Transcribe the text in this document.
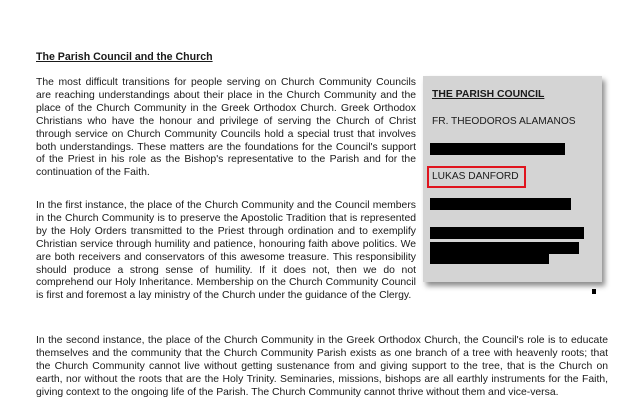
The Parish Council and the Church

The most difficult transitions for people serving on Church Community Councils are reaching understandings about their place in the Church Community and the place of the Church Community in the Greek Orthodox Church. Greek Orthodox Christians who have the honour and privilege of serving the Church of Christ through service on Church Community Councils hold a special trust that involves both understandings. These matters are the foundations for the Council's support of the Priest in his role as the Bishop's representative to the Parish and for the continuation of the Faith.

In the first instance, the place of the Church Community and the Council members in the Church Community is to preserve the Apostolic Tradition that is represented by the Holy Orders transmitted to the Priest through ordination and to exemplify Christian service through humility and patience, honouring faith above politics. We are both receivers and conservators of this awesome treasure. This responsibility should produce a strong sense of humility. If it does not, then we do not comprehend our Holy Inheritance. Membership on the Church Community Council is first and foremost a lay ministry of the Church under the guidance of the Clergy.

In the second instance, the place of the Church Community in the Greek Orthodox Church, the Council's role is to educate themselves and the community that the Church Community Parish exists as one branch of a tree with heavenly roots; that the Church Community cannot live without getting sustenance from and giving support to the tree, that is the Church on earth, nor without the roots that are the Holy Trinity. Seminaries, missions, bishops are all earthly instruments for the Faith, giving context to the ongoing life of the Parish. The Church Community cannot thrive without them and vice-versa.

THE PARISH COUNCIL
FR. THEODOROS ALAMANOS
LUKAS DANFORD
